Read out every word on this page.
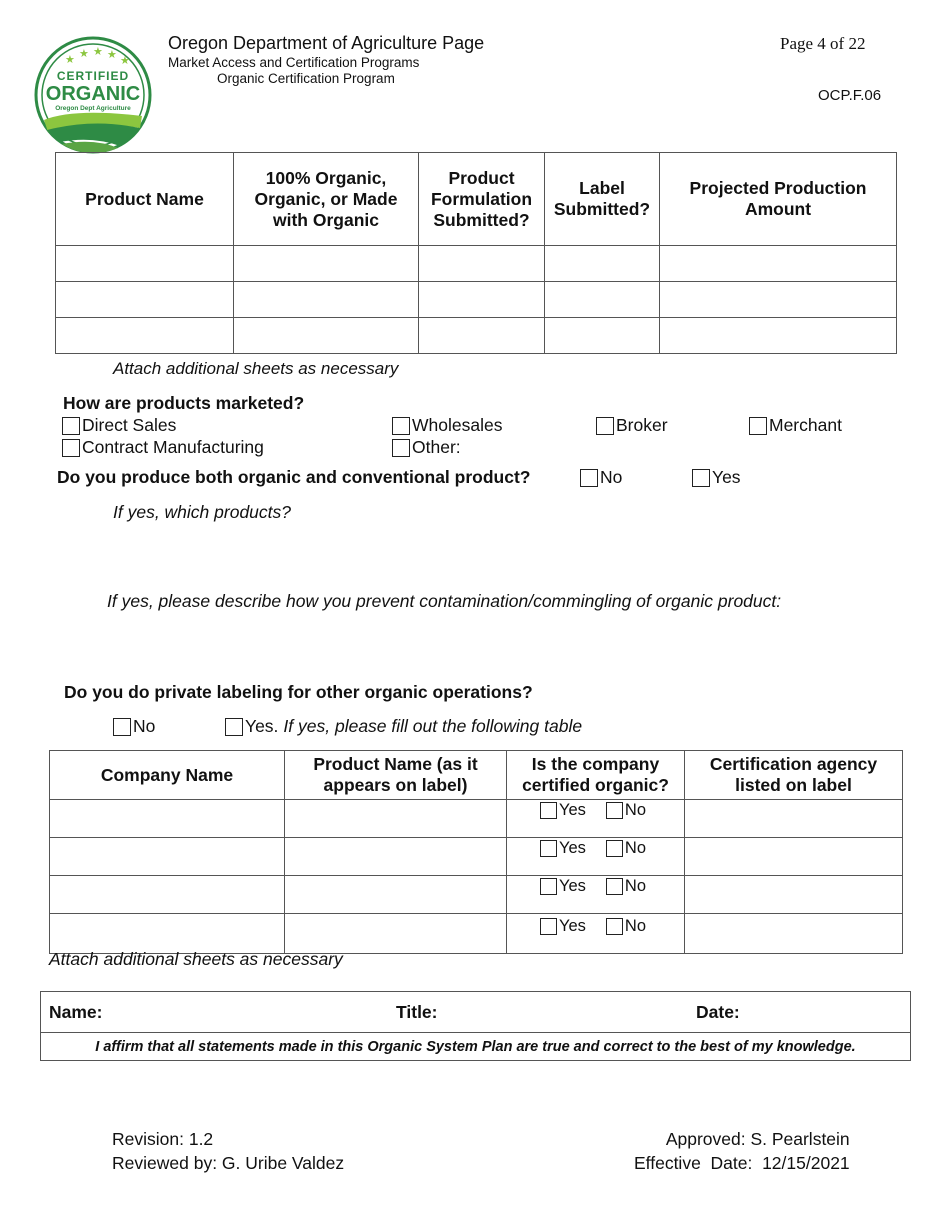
★ ★ ★ ★ ★
CERTIFIED
ORGANIC
Oregon Dept Agriculture
Oregon Department of Agriculture Page
Market Access and Certification Programs
Organic Certification Program
Page 4 of 22
OCP.F.06
Product Name	100% Organic, Organic, or Made with Organic	Product Formulation Submitted?	Label Submitted?	Projected Production Amount

Attach additional sheets as necessary
How are products marketed?
Direct Sales	Wholesales	Broker	Merchant
Contract Manufacturing	Other:
Do you produce both organic and conventional product?	No	Yes
If yes, which products?
If yes, please describe how you prevent contamination/commingling of organic product:
Do you do private labeling for other organic operations?
No	Yes. If yes, please fill out the following table
Company Name	Product Name (as it appears on label)	Is the company certified organic?	Certification agency listed on label

		Yes No	

		Yes No	

		Yes No	

		Yes No	

Attach additional sheets as necessary
Name:	Title:	Date:

I affirm that all statements made in this Organic System Plan are true and correct to the best of my knowledge.
Revision: 1.2
Reviewed by: G. Uribe Valdez
Approved: S. Pearlstein
Effective  Date:  12/15/2021
